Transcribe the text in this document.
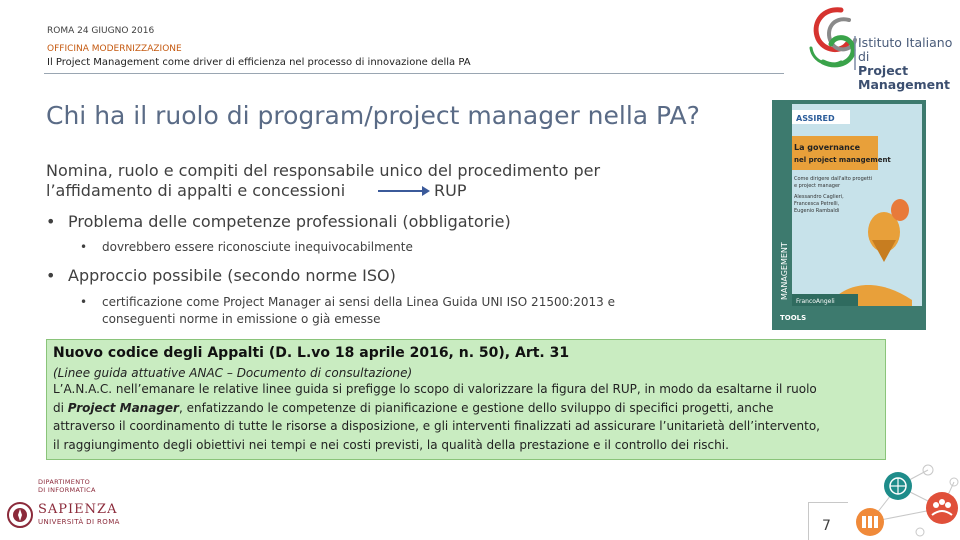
ROMA 24 GIUGNO 2016
OFFICINA MODERNIZZAZIONE
Il Project Management come driver di efficienza nel processo di innovazione della PA
Istituto Italiano di
Project Management
Chi ha il ruolo di program/project manager nella PA?
Nomina, ruolo e compiti del responsabile unico del procedimento per
l’affidamento di appalti e concessioni	RUP
• Problema delle competenze professionali (obbligatorie)
• dovrebbero essere riconosciute inequivocabilmente
• Approccio possibile (secondo norme ISO)
• certificazione come Project Manager ai sensi della Linea Guida UNI ISO 21500:2013 e
conseguenti norme in emissione o già emesse
ASSIRED
La governance
nel project management
Come dirigere dall'alto progetti
e project manager
Alessandro Caglieri,
Francesca Petrelli,
Eugenio Rambaldi
MANAGEMENT
FrancoAngeli
TOOLS
Nuovo codice degli Appalti (D. L.vo 18 aprile 2016, n. 50), Art. 31
(Linee guida attuative ANAC – Documento di consultazione)
L’A.N.A.C. nell’emanare le relative linee guida si prefigge lo scopo di valorizzare la figura del RUP, in modo da esaltarne il ruolo
di Project Manager, enfatizzando le competenze di pianificazione e gestione dello sviluppo di specifici progetti, anche
attraverso il coordinamento di tutte le risorse a disposizione, e gli interventi finalizzati ad assicurare l’unitarietà dell’intervento,
il raggiungimento degli obiettivi nei tempi e nei costi previsti, la qualità della prestazione e il controllo dei rischi.
DIPARTIMENTO
DI INFORMATICA
SAPIENZA
UNIVERSITÀ DI ROMA	7
